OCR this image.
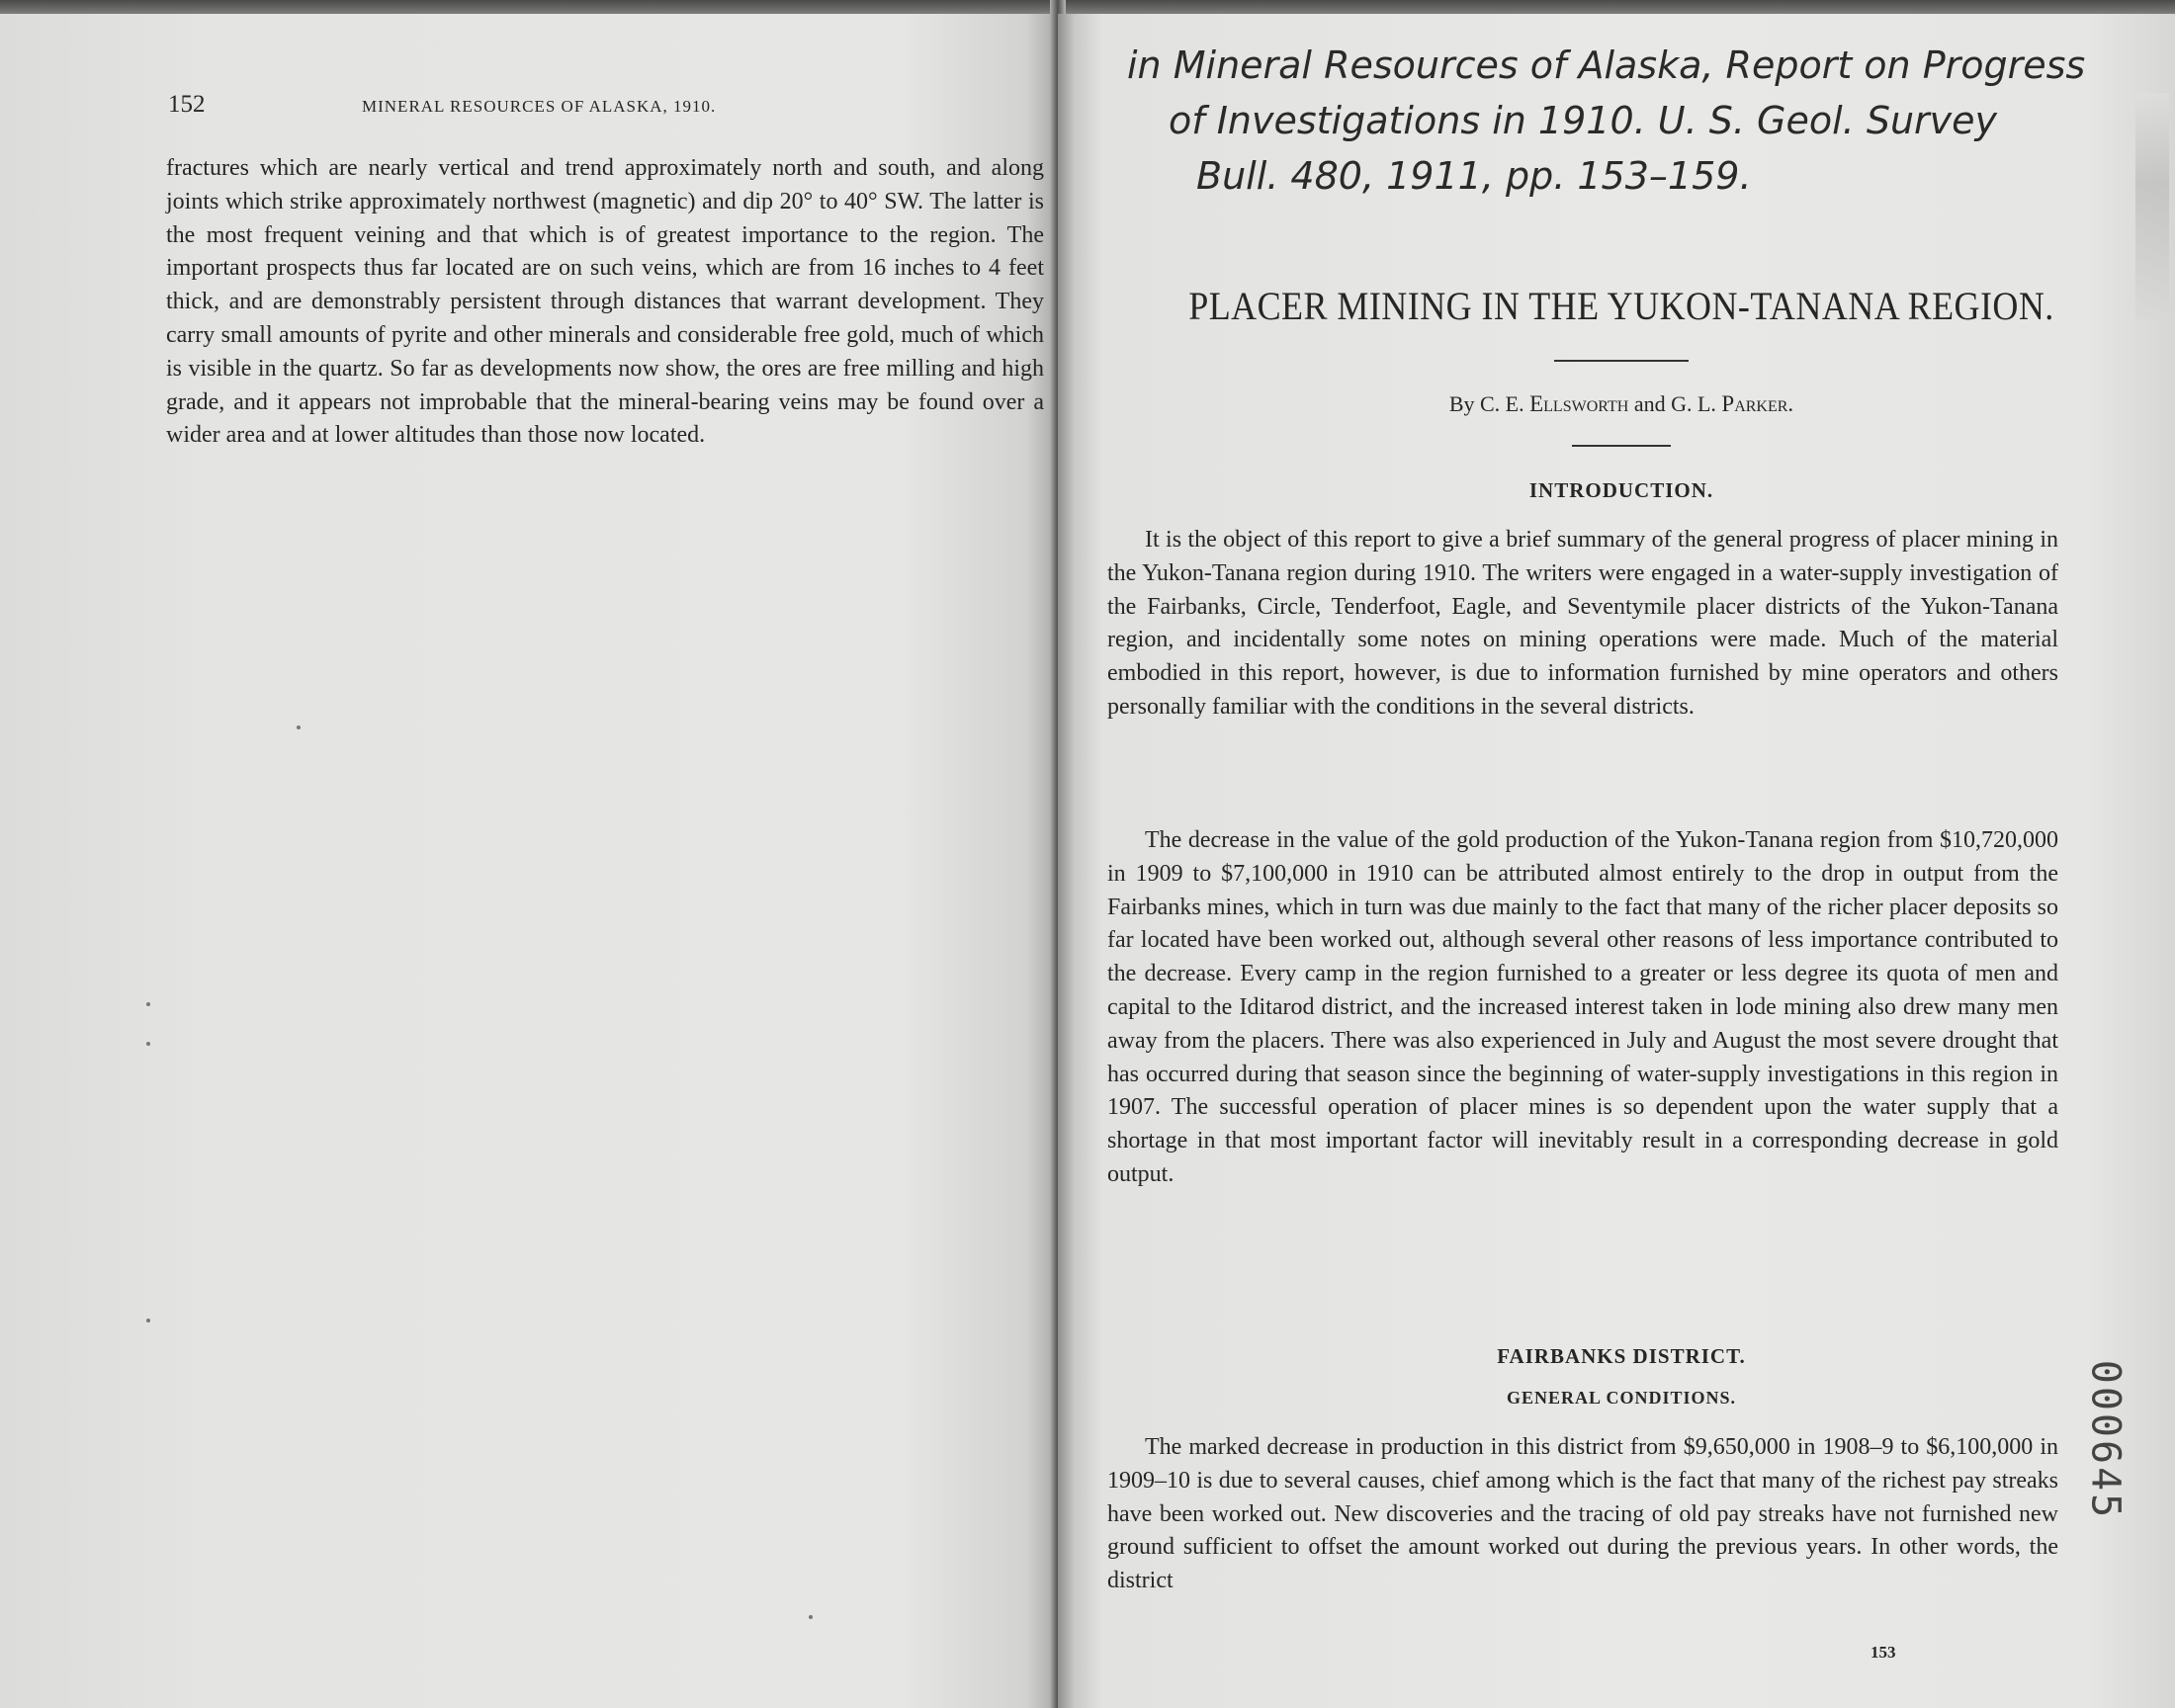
152	MINERAL RESOURCES OF ALASKA, 1910.

fractures which are nearly vertical and trend approximately north and south, and along joints which strike approximately northwest (magnetic) and dip 20° to 40° SW. The latter is the most frequent veining and that which is of greatest importance to the region. The important prospects thus far located are on such veins, which are from 16 inches to 4 feet thick, and are demonstrably persistent through distances that warrant development. They carry small amounts of pyrite and other minerals and considerable free gold, much of which is visible in the quartz. So far as developments now show, the ores are free milling and high grade, and it appears not improbable that the mineral-bearing veins may be found over a wider area and at lower altitudes than those now located.

in Mineral Resources of Alaska, Report on Progress
of Investigations in 1910. U. S. Geol. Survey
Bull. 480, 1911, pp. 153–159.
PLACER MINING IN THE YUKON-TANANA REGION.
By C. E. Ellsworth and G. L. Parker.
INTRODUCTION.

It is the object of this report to give a brief summary of the general progress of placer mining in the Yukon-Tanana region during 1910. The writers were engaged in a water-supply investigation of the Fairbanks, Circle, Tenderfoot, Eagle, and Seventymile placer districts of the Yukon-Tanana region, and incidentally some notes on mining operations were made. Much of the material embodied in this report, however, is due to information furnished by mine operators and others personally familiar with the conditions in the several districts.

The decrease in the value of the gold production of the Yukon-Tanana region from $10,720,000 in 1909 to $7,100,000 in 1910 can be attributed almost entirely to the drop in output from the Fairbanks mines, which in turn was due mainly to the fact that many of the richer placer deposits so far located have been worked out, although several other reasons of less importance contributed to the decrease. Every camp in the region furnished to a greater or less degree its quota of men and capital to the Iditarod district, and the increased interest taken in lode mining also drew many men away from the placers. There was also experienced in July and August the most severe drought that has occurred during that season since the beginning of water-supply investigations in this region in 1907. The successful operation of placer mines is so dependent upon the water supply that a shortage in that most important factor will inevitably result in a corresponding decrease in gold output.

FAIRBANKS DISTRICT.
GENERAL CONDITIONS.

The marked decrease in production in this district from $9,650,000 in 1908–9 to $6,100,000 in 1909–10 is due to several causes, chief among which is the fact that many of the richest pay streaks have been worked out. New discoveries and the tracing of old pay streaks have not furnished new ground sufficient to offset the amount worked out during the previous years. In other words, the district

153
000645
